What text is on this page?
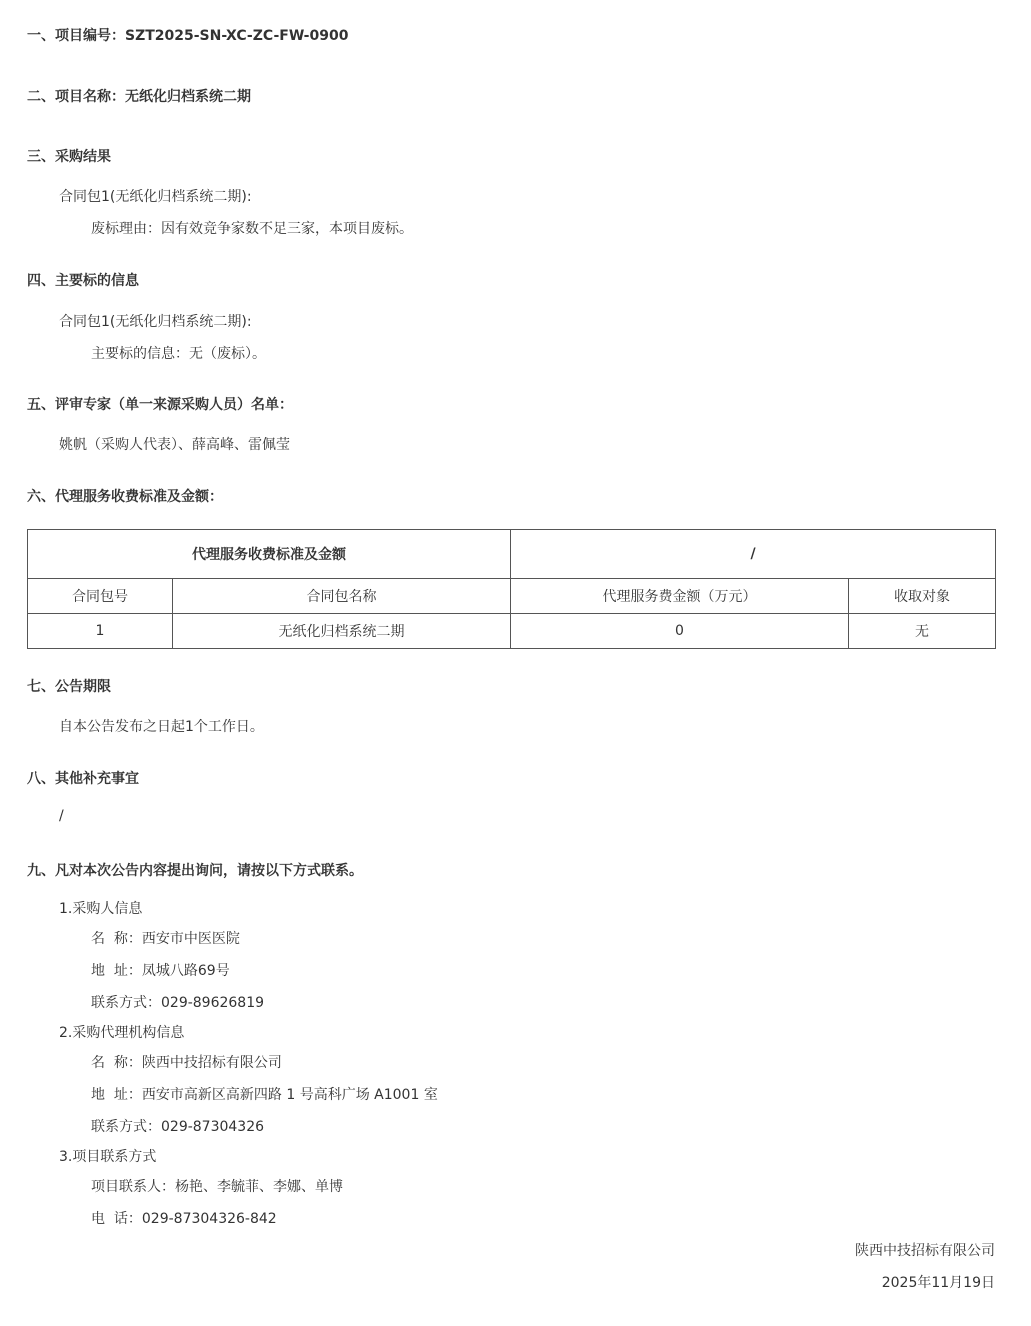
一、项目编号：SZT2025-SN-XC-ZC-FW-0900
二、项目名称：无纸化归档系统二期
三、采购结果
合同包1(无纸化归档系统二期):
废标理由：因有效竞争家数不足三家，本项目废标。
四、主要标的信息
合同包1(无纸化归档系统二期):
主要标的信息：无（废标）。
五、评审专家（单一来源采购人员）名单：
姚帆（采购人代表）、薛高峰、雷佩莹
六、代理服务收费标准及金额：
代理服务收费标准及金额		/	
合同包号	合同包名称	代理服务费金额（万元）	收取对象
1	无纸化归档系统二期	0	无
七、公告期限
自本公告发布之日起1个工作日。
八、其他补充事宜
/
九、凡对本次公告内容提出询问，请按以下方式联系。
1.采购人信息
名  称：西安市中医医院
地  址：凤城八路69号
联系方式：029-89626819
2.采购代理机构信息
名  称：陕西中技招标有限公司
地  址：西安市高新区高新四路 1 号高科广场 A1001 室
联系方式：029-87304326
3.项目联系方式
项目联系人：杨艳、李毓菲、李娜、单博
电  话：029-87304326-842
陕西中技招标有限公司
2025年11月19日
